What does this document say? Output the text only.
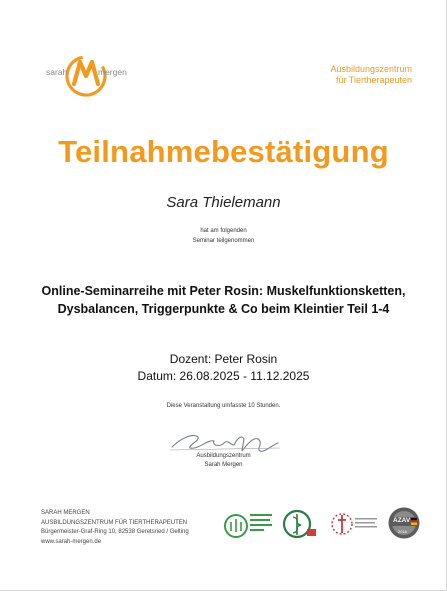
sarah	mergen	Ausbildungszentrum
für Tiertherapeuten
Teilnahmebestätigung
Sara Thielemann
hat am folgenden
Seminar teilgenommen
Online-Seminarreihe mit Peter Rosin: Muskelfunktionsketten,
Dysbalancen, Triggerpunkte & Co beim Kleintier Teil 1-4
Dozent: Peter Rosin
Datum: 26.08.2025 - 11.12.2025
Diese Veranstaltung umfasste 10 Stunden.
Ausbildungszentrum
Sarah Mergen
SARAH MERGEN
AUSBILDUNGSZENTRUM FÜR TIERTHERAPEUTEN
Bürgermeister-Graf-Ring 10, 82538 Geretsried / Gelting
www.sarah-mergen.de
AZAV
2018
